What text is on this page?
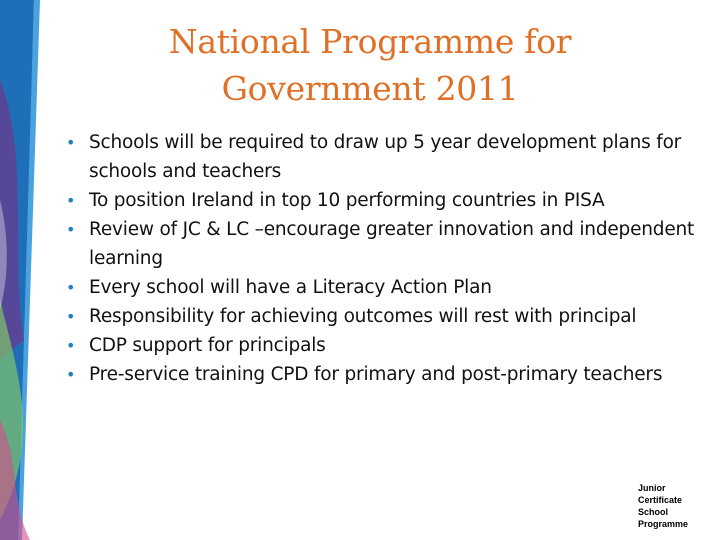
National Programme for
Government 2011
• Schools will be required to draw up 5 year development plans for schools and teachers
• To position Ireland in top 10 performing countries in PISA
• Review of JC & LC –encourage greater innovation and independent learning
• Every school will have a Literacy Action Plan
• Responsibility for achieving outcomes will rest with principal
• CDP support for principals
• Pre-service training CPD for primary and post-primary teachers
Junior
Certificate
School
Programme
